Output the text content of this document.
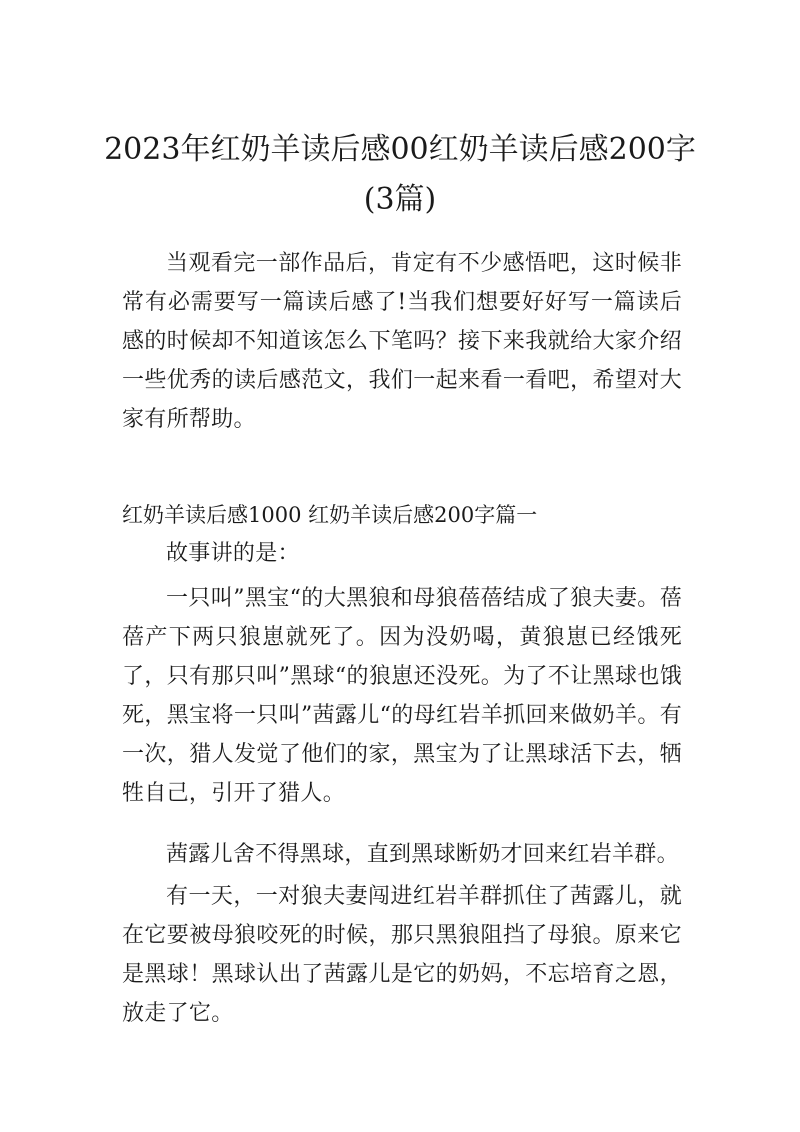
2023年红奶羊读后感00红奶羊读后感200字(3篇)

当观看完一部作品后，肯定有不少感悟吧，这时候非常有必需要写一篇读后感了!当我们想要好好写一篇读后感的时候却不知道该怎么下笔吗？接下来我就给大家介绍一些优秀的读后感范文，我们一起来看一看吧，希望对大家有所帮助。

红奶羊读后感1000 红奶羊读后感200字篇一

故事讲的是：

一只叫”黑宝“的大黑狼和母狼蓓蓓结成了狼夫妻。蓓蓓产下两只狼崽就死了。因为没奶喝，黄狼崽已经饿死了，只有那只叫”黑球“的狼崽还没死。为了不让黑球也饿死，黑宝将一只叫”茜露儿“的母红岩羊抓回来做奶羊。有一次，猎人发觉了他们的家，黑宝为了让黑球活下去，牺牲自己，引开了猎人。

茜露儿舍不得黑球，直到黑球断奶才回来红岩羊群。

有一天，一对狼夫妻闯进红岩羊群抓住了茜露儿，就在它要被母狼咬死的时候，那只黑狼阻挡了母狼。原来它是黑球！黑球认出了茜露儿是它的奶妈，不忘培育之恩，放走了它。
